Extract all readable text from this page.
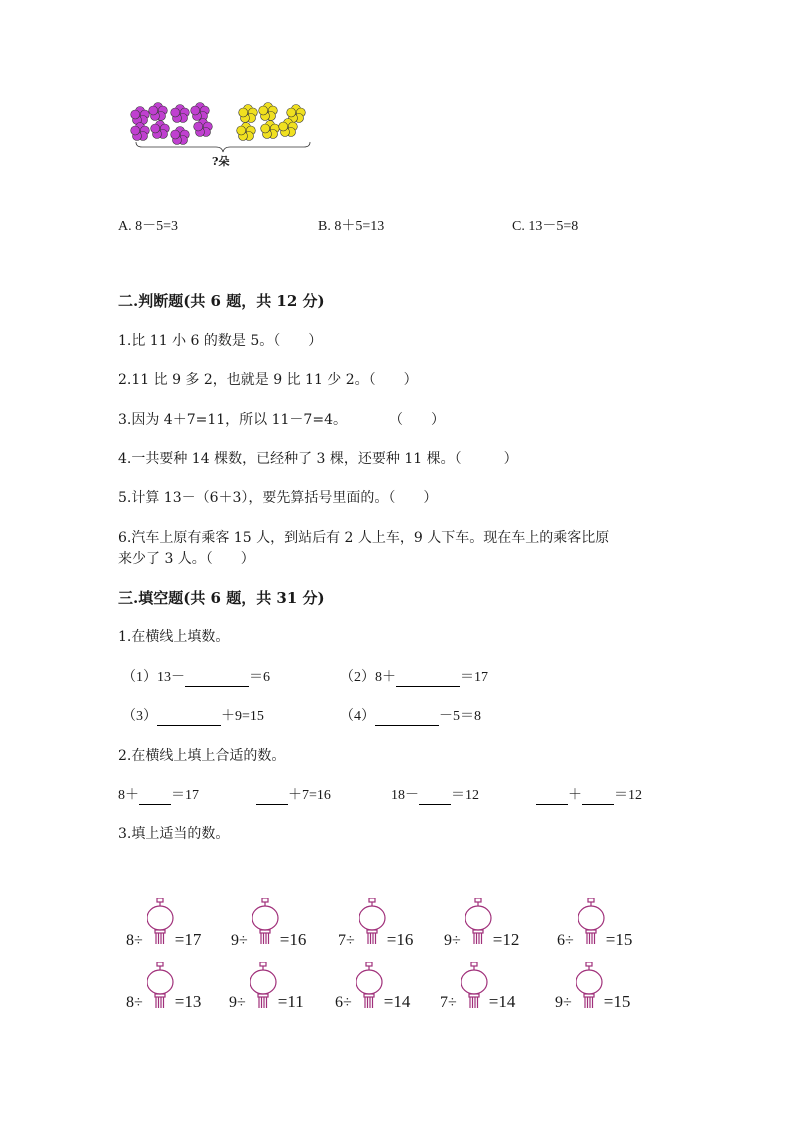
?朵
A. 8－5=3	B. 8＋5=13	C. 13－5=8
二.判断题(共 6 题，共 12 分)
1.比 11 小 6 的数是 5。（　　）
2.11 比 9 多 2，也就是 9 比 11 少 2。（　　）
3.因为 4＋7=11，所以 11－7=4。　　　　（　　）
4.一共要种 14 棵数，已经种了 3 棵，还要种 11 棵。（　　　）
5.计算 13－（6＋3），要先算括号里面的。（　　）
6.汽车上原有乘客 15 人，到站后有 2 人上车，9 人下车。现在车上的乘客比原
来少了 3 人。（　　）
三.填空题(共 6 题，共 31 分)
1.在横线上填数。
（1）13－	＝6	（2）8＋	＝17
（3）	＋9=15	（4）	－5＝8
2.在横线上填上合适的数。
8＋ ＝17	＋7=16	18－ ＝12	＋ ＝12
3.填上适当的数。
8÷ =17 9÷ =16 7÷ =16 9÷ =12 6÷ =15
8÷ =13 9÷ =11 6÷ =14 7÷ =14 9÷ =15
